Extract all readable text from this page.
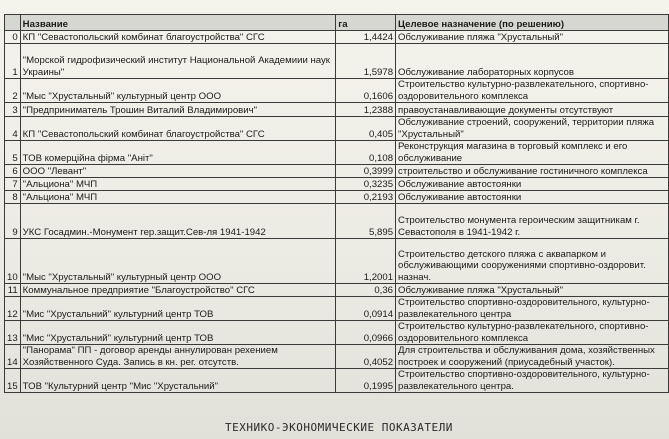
	Название	га	Целевое назначение (по решению)
0	КП "Севастопольский комбинат благоустройства" СГС	1,4424	Обслуживание пляжа "Хрустальный"
1	"Морской гидрофизический институт Национальной Академиии наук Украины"	1,5978	Обслуживание лабораторных корпусов
2	"Мыс "Хрустальный" культурный центр ООО	0,1606	Строительство культурно-развлекательного, спортивно-оздоровительного комплекса
3	"Предприниматель Трошин Виталий Владимирович"	1,2388	правоустанавливающие документы отсутствуют
4	КП "Севастопольский комбинат благоустройства" СГС	0,405	Обслуживание строений, сооружений, территории пляжа "Хрустальный"
5	ТОВ комерційна фірма "Аніт"	0,108	Реконструкция магазина в торговый комплекс и его обслуживание
6	ООО "Левант"	0,3999	строительство и обслуживание гостиничного комплекса
7	"Альциона" МЧП	0,3235	Обслуживание автостоянки
8	"Альциона" МЧП	0,2193	Обслуживание автостоянки
9	УКС Госадмин.-Монумент гер.защит.Сев-ля 1941-1942	5,895	Строительство монумента героическим защитникам г. Севастополя в 1941-1942 г.
10	"Мыс "Хрустальный" культурный центр ООО	1,2001	Строительство детского пляжа с аквапарком и обслуживающими сооружениями спортивно-оздоровит. назнач.
11	Коммунальное предприятие "Благоустройство" СГС	0,36	Обслуживание пляжа "Хрустальный"
12	"Мис "Хрустальний" культурний центр ТОВ	0,0914	Строительство спортивно-оздоровительного, культурно-развлекательного центра
13	"Мис "Хрустальний" культурний центр ТОВ	0,0966	Строительство культурно-развлекательного, спортивно-оздоровительного комплекса
14	"Панорама" ПП - договор аренды аннулирован рехением Хозяйственного Суда. Запись в кн. рег. отсутств.	0,4052	Для строительства и обслуживания дома, хозяйственных построек и сооружений (приусадебный участок).
15	ТОВ "Культурний центр "Мис "Хрустальний"	0,1995	Строительство спортивно-оздоровительного, культурно-развлекательного центра.
ТЕХНИКО-ЭКОНОМИЧЕСКИЕ ПОКАЗАТЕЛИ
